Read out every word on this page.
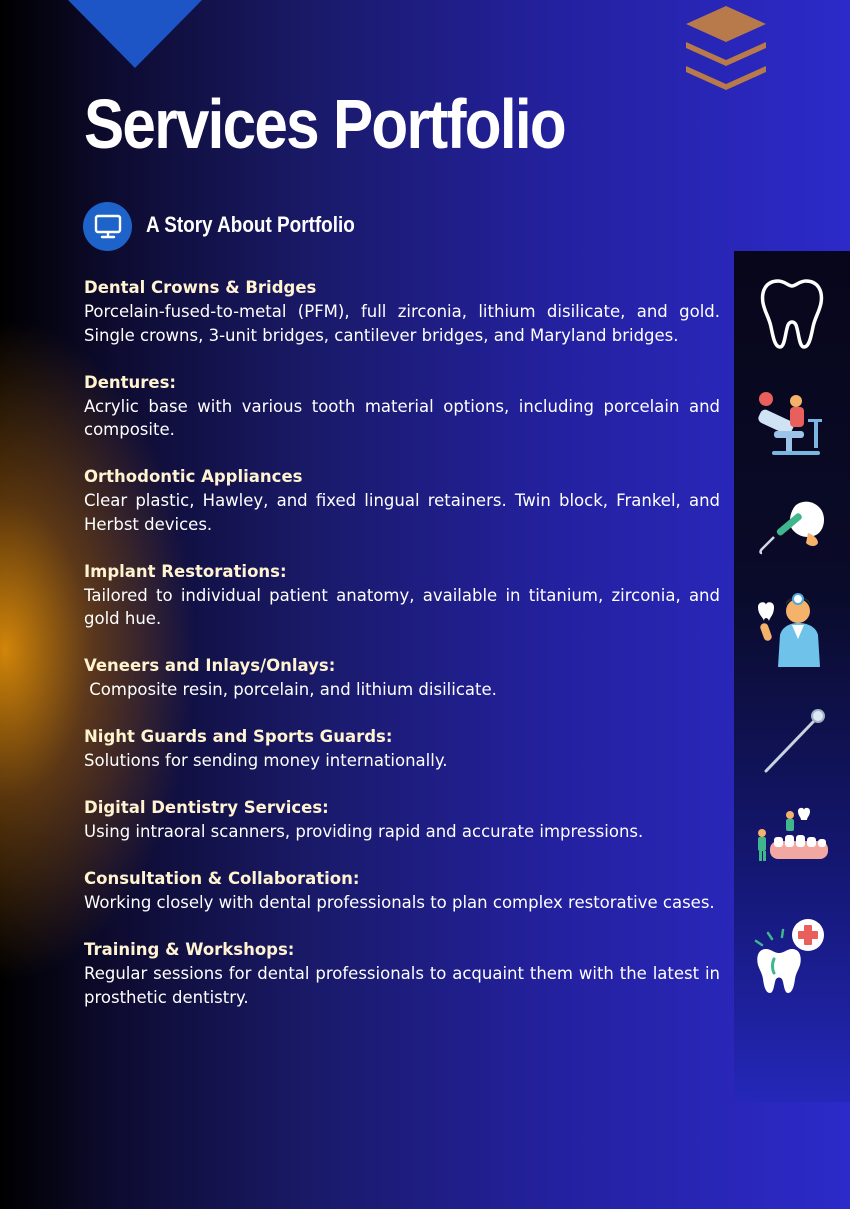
Services Portfolio
A Story About Portfolio

Dental Crowns & Bridges

Porcelain-fused-to-metal (PFM), full zirconia, lithium disilicate, and gold. Single crowns, 3-unit bridges, cantilever bridges, and Maryland bridges.

Dentures:

Acrylic base with various tooth material options, including porcelain and composite.

Orthodontic Appliances

Clear plastic, Hawley, and fixed lingual retainers. Twin block, Frankel, and Herbst devices.

Implant Restorations:

Tailored to individual patient anatomy, available in titanium, zirconia, and gold hue.

Veneers and Inlays/Onlays:

Composite resin, porcelain, and lithium disilicate.

Night Guards and Sports Guards:

Solutions for sending money internationally.

Digital Dentistry Services:

Using intraoral scanners, providing rapid and accurate impressions.

Consultation & Collaboration:

Working closely with dental professionals to plan complex restorative cases.

Training & Workshops:

Regular sessions for dental professionals to acquaint them with the latest in prosthetic dentistry.
